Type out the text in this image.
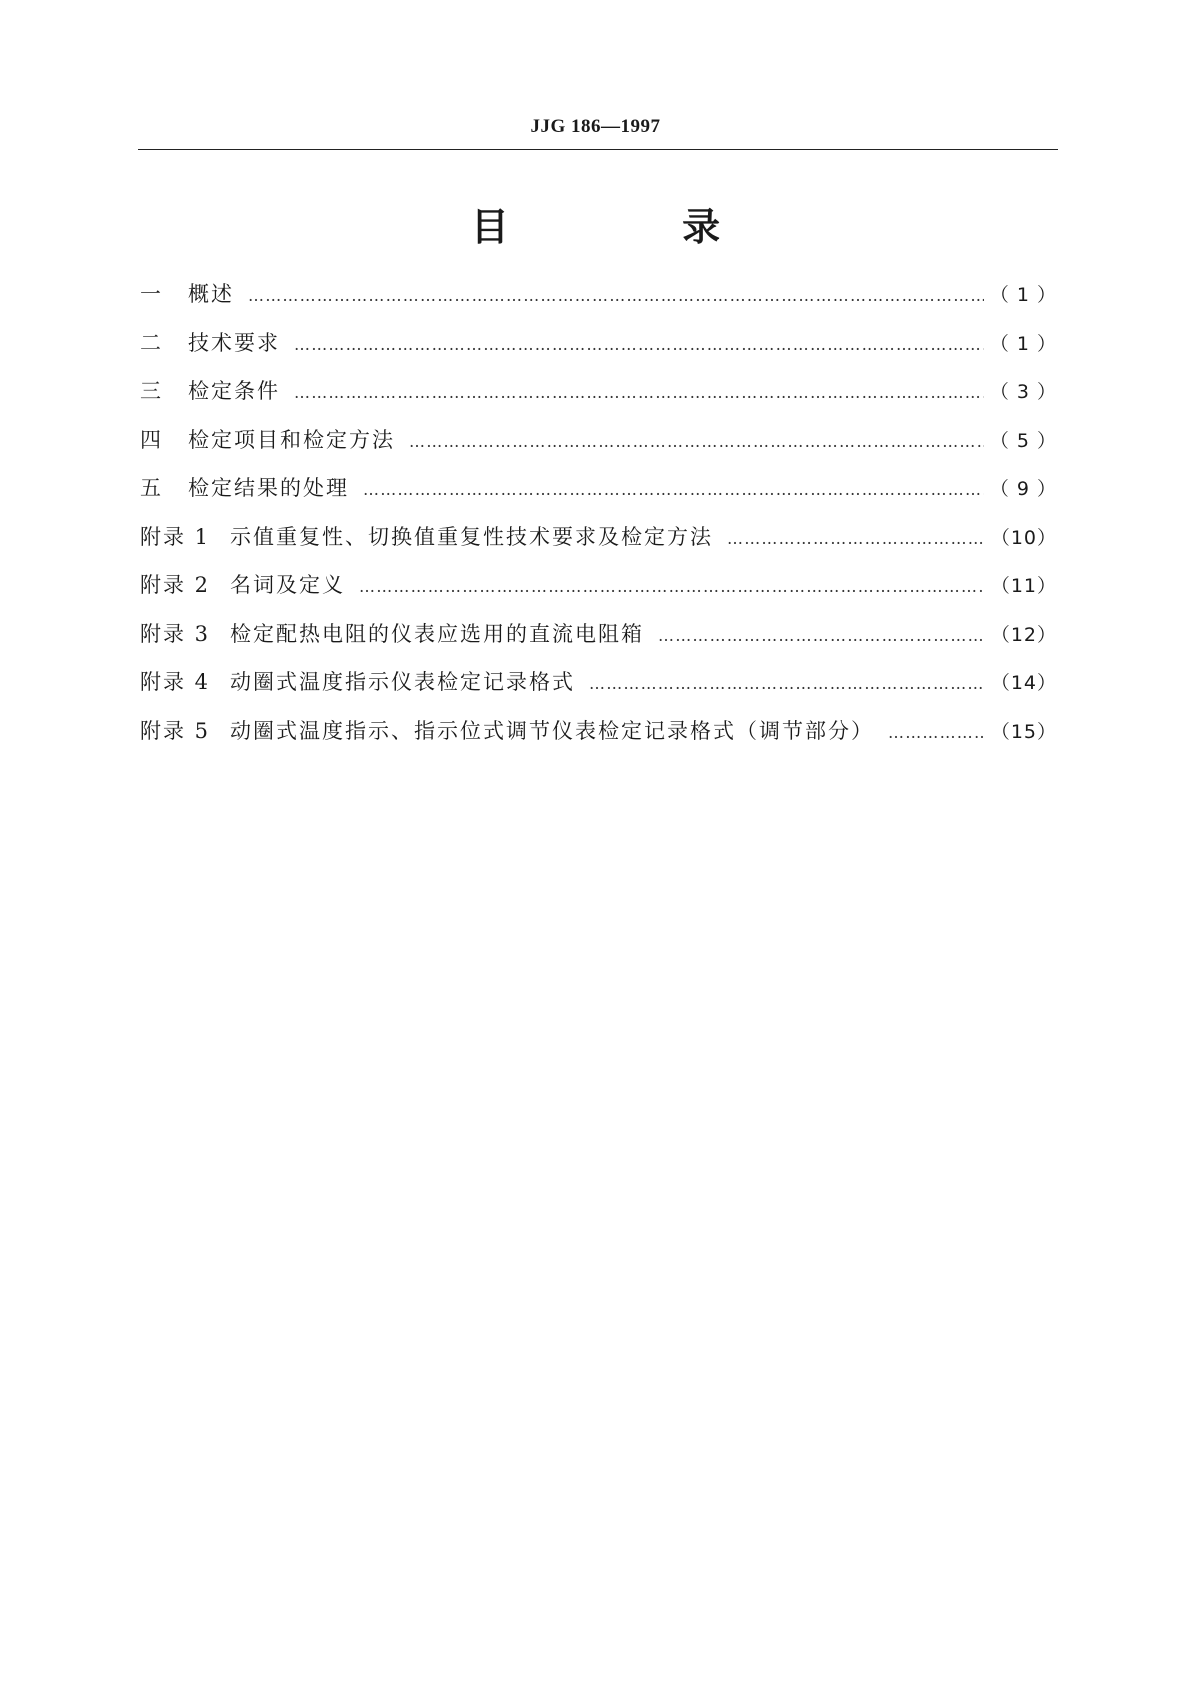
JJG 186—1997
目 录
一	概述 …………………………………………………………………………………………………………………………………………………………………………………………	（ 1 ）
二	技术要求 …………………………………………………………………………………………………………………………………………………………………………………………	（ 1 ）
三	检定条件 …………………………………………………………………………………………………………………………………………………………………………………………	（ 3 ）
四	检定项目和检定方法 …………………………………………………………………………………………………………………………………………………………………………………………	（ 5 ）
五	检定结果的处理 …………………………………………………………………………………………………………………………………………………………………………………………	（ 9 ）
附录 1 示值重复性、切换值重复性技术要求及检定方法 …………………………………………………………………………………………………………………………………………………………………………………………	（10）
附录 2 名词及定义 …………………………………………………………………………………………………………………………………………………………………………………………	（11）
附录 3 检定配热电阻的仪表应选用的直流电阻箱 …………………………………………………………………………………………………………………………………………………………………………………………	（12）
附录 4 动圈式温度指示仪表检定记录格式 …………………………………………………………………………………………………………………………………………………………………………………………	（14）
附录 5 动圈式温度指示、指示位式调节仪表检定记录格式（调节部分） …………………………………………………………………………………………………………………………………………………………………………………………	（15）
